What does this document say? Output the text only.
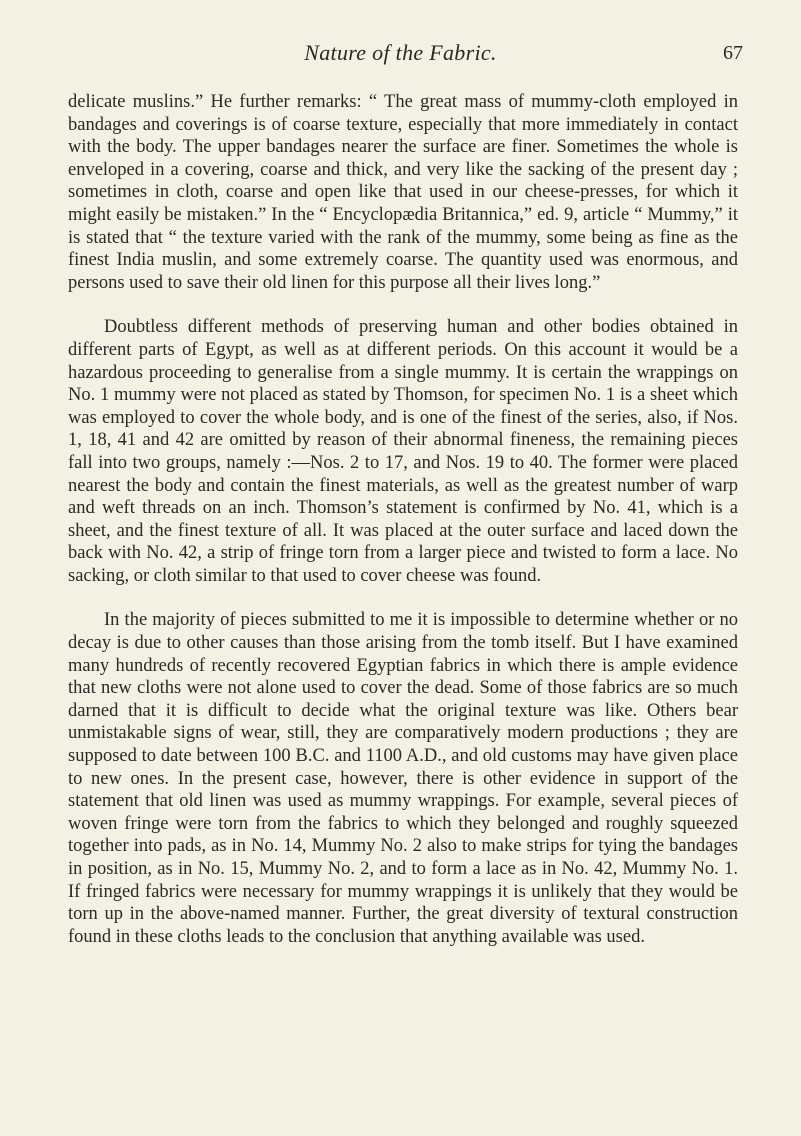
Nature of the Fabric.	67

delicate muslins.” He further remarks: “ The great mass of mummy-cloth employed in bandages and coverings is of coarse texture, especially that more immediately in contact with the body. The upper bandages nearer the surface are finer. Sometimes the whole is enveloped in a covering, coarse and thick, and very like the sacking of the present day ; sometimes in cloth, coarse and open like that used in our cheese-presses, for which it might easily be mistaken.” In the “ Encyclopædia Britannica,” ed. 9, article “ Mummy,” it is stated that “ the texture varied with the rank of the mummy, some being as fine as the finest India muslin, and some extremely coarse. The quantity used was enormous, and persons used to save their old linen for this purpose all their lives long.”

Doubtless different methods of preserving human and other bodies obtained in different parts of Egypt, as well as at different periods. On this account it would be a hazardous proceeding to generalise from a single mummy. It is certain the wrappings on No. 1 mummy were not placed as stated by Thomson, for specimen No. 1 is a sheet which was employed to cover the whole body, and is one of the finest of the series, also, if Nos. 1, 18, 41 and 42 are omitted by reason of their abnormal fineness, the remaining pieces fall into two groups, namely :—Nos. 2 to 17, and Nos. 19 to 40. The former were placed nearest the body and contain the finest materials, as well as the greatest number of warp and weft threads on an inch. Thomson’s statement is confirmed by No. 41, which is a sheet, and the finest texture of all. It was placed at the outer surface and laced down the back with No. 42, a strip of fringe torn from a larger piece and twisted to form a lace. No sacking, or cloth similar to that used to cover cheese was found.

In the majority of pieces submitted to me it is impossible to determine whether or no decay is due to other causes than those arising from the tomb itself. But I have examined many hundreds of recently recovered Egyptian fabrics in which there is ample evidence that new cloths were not alone used to cover the dead. Some of those fabrics are so much darned that it is difficult to decide what the original texture was like. Others bear unmistakable signs of wear, still, they are comparatively modern productions ; they are supposed to date between 100 B.C. and 1100 A.D., and old customs may have given place to new ones. In the present case, however, there is other evidence in support of the statement that old linen was used as mummy wrappings. For example, several pieces of woven fringe were torn from the fabrics to which they belonged and roughly squeezed together into pads, as in No. 14, Mummy No. 2 also to make strips for tying the bandages in position, as in No. 15, Mummy No. 2, and to form a lace as in No. 42, Mummy No. 1. If fringed fabrics were necessary for mummy wrappings it is unlikely that they would be torn up in the above-named manner. Further, the great diversity of textural construction found in these cloths leads to the conclusion that anything available was used.
